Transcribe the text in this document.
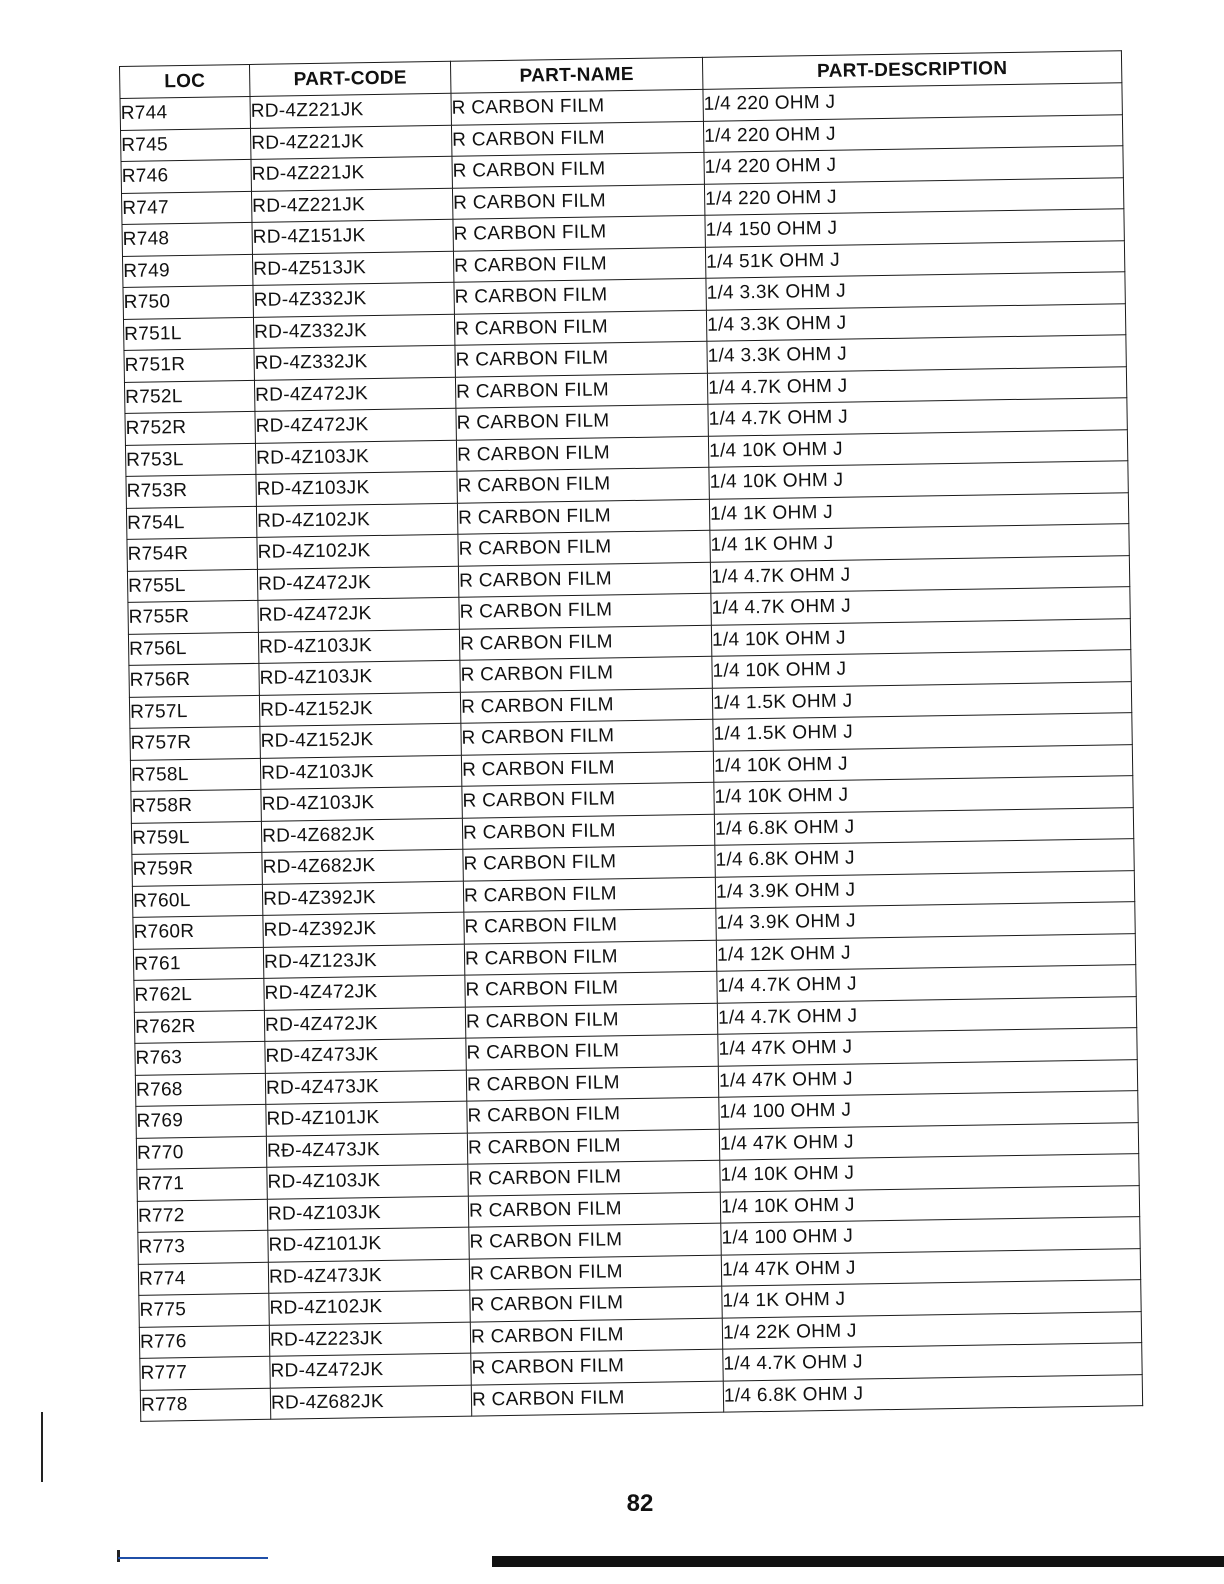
LOC	PART-CODE	PART-NAME	PART-DESCRIPTION
R744	RD-4Z221JK	R CARBON FILM	1/4 220 OHM J
R745	RD-4Z221JK	R CARBON FILM	1/4 220 OHM J
R746	RD-4Z221JK	R CARBON FILM	1/4 220 OHM J
R747	RD-4Z221JK	R CARBON FILM	1/4 220 OHM J
R748	RD-4Z151JK	R CARBON FILM	1/4 150 OHM J
R749	RD-4Z513JK	R CARBON FILM	1/4 51K OHM J
R750	RD-4Z332JK	R CARBON FILM	1/4 3.3K OHM J
R751L	RD-4Z332JK	R CARBON FILM	1/4 3.3K OHM J
R751R	RD-4Z332JK	R CARBON FILM	1/4 3.3K OHM J
R752L	RD-4Z472JK	R CARBON FILM	1/4 4.7K OHM J
R752R	RD-4Z472JK	R CARBON FILM	1/4 4.7K OHM J
R753L	RD-4Z103JK	R CARBON FILM	1/4 10K OHM J
R753R	RD-4Z103JK	R CARBON FILM	1/4 10K OHM J
R754L	RD-4Z102JK	R CARBON FILM	1/4 1K OHM J
R754R	RD-4Z102JK	R CARBON FILM	1/4 1K OHM J
R755L	RD-4Z472JK	R CARBON FILM	1/4 4.7K OHM J
R755R	RD-4Z472JK	R CARBON FILM	1/4 4.7K OHM J
R756L	RD-4Z103JK	R CARBON FILM	1/4 10K OHM J
R756R	RD-4Z103JK	R CARBON FILM	1/4 10K OHM J
R757L	RD-4Z152JK	R CARBON FILM	1/4 1.5K OHM J
R757R	RD-4Z152JK	R CARBON FILM	1/4 1.5K OHM J
R758L	RD-4Z103JK	R CARBON FILM	1/4 10K OHM J
R758R	RD-4Z103JK	R CARBON FILM	1/4 10K OHM J
R759L	RD-4Z682JK	R CARBON FILM	1/4 6.8K OHM J
R759R	RD-4Z682JK	R CARBON FILM	1/4 6.8K OHM J
R760L	RD-4Z392JK	R CARBON FILM	1/4 3.9K OHM J
R760R	RD-4Z392JK	R CARBON FILM	1/4 3.9K OHM J
R761	RD-4Z123JK	R CARBON FILM	1/4 12K OHM J
R762L	RD-4Z472JK	R CARBON FILM	1/4 4.7K OHM J
R762R	RD-4Z472JK	R CARBON FILM	1/4 4.7K OHM J
R763	RD-4Z473JK	R CARBON FILM	1/4 47K OHM J
R768	RD-4Z473JK	R CARBON FILM	1/4 47K OHM J
R769	RD-4Z101JK	R CARBON FILM	1/4 100 OHM J
R770	RĐ-4Z473JK	R CARBON FILM	1/4 47K OHM J
R771	RD-4Z103JK	R CARBON FILM	1/4 10K OHM J
R772	RD-4Z103JK	R CARBON FILM	1/4 10K OHM J
R773	RD-4Z101JK	R CARBON FILM	1/4 100 OHM J
R774	RD-4Z473JK	R CARBON FILM	1/4 47K OHM J
R775	RD-4Z102JK	R CARBON FILM	1/4 1K OHM J
R776	RD-4Z223JK	R CARBON FILM	1/4 22K OHM J
R777	RD-4Z472JK	R CARBON FILM	1/4 4.7K OHM J
R778	RD-4Z682JK	R CARBON FILM	1/4 6.8K OHM J
82
